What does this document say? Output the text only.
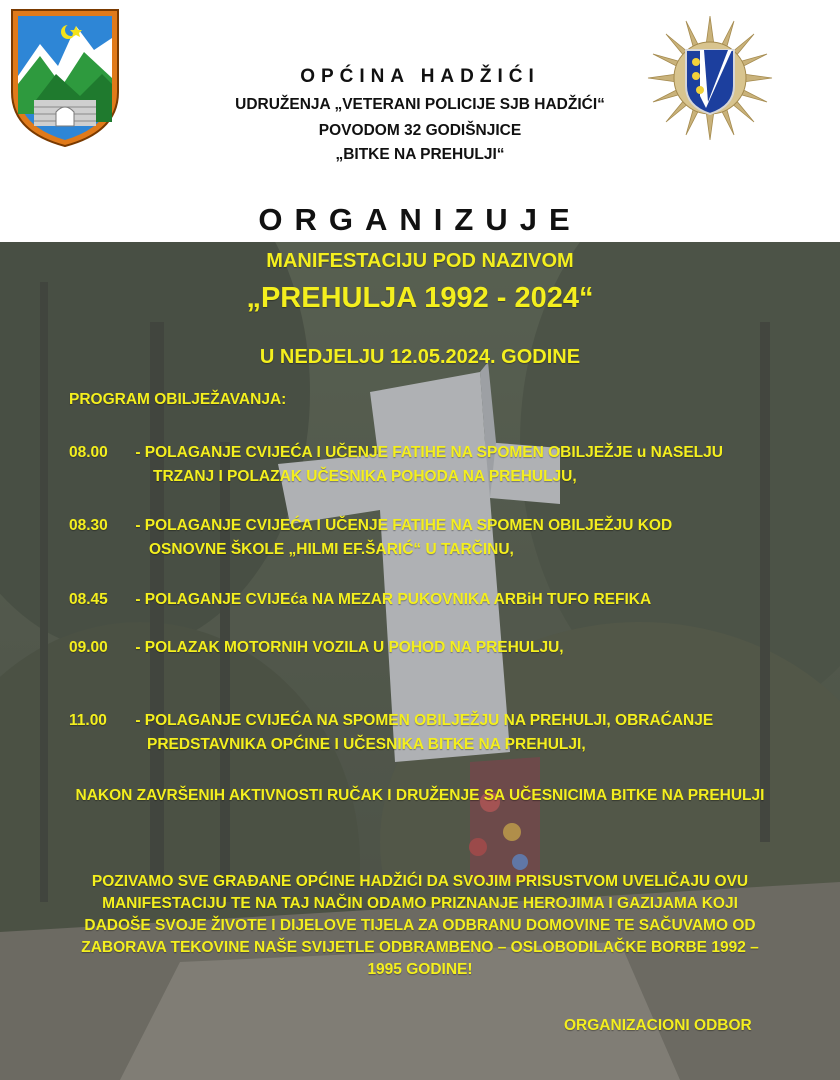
OPĆINA HADŽIĆI
UDRUŽENJA „VETERANI POLICIJE SJB HADŽIĆI“
POVODOM 32 GODIŠNJICE
„BITKE NA PREHULJI“
ORGANIZUJE
MANIFESTACIJU POD NAZIVOM
„PREHULJA 1992 - 2024“
U NEDJELJU 12.05.2024. GODINE
PROGRAM OBILJEŽAVANJA:
08.00 - POLAGANJE CVIJEĆA I UČENJE FATIHE NA SPOMEN OBILJEŽJE u NASELJU
TRZANJ I POLAZAK UČESNIKA POHODA NA PREHULJU,
08.30 - POLAGANJE CVIJEĆA I UČENJE FATIHE NA SPOMEN OBILJEŽJU KOD
OSNOVNE ŠKOLE „HILMI EF.ŠARIĆ“ U TARČINU,
08.45 - POLAGANJE CVIJEća NA MEZAR PUKOVNIKA ARBiH TUFO REFIKA
09.00 - POLAZAK MOTORNIH VOZILA U POHOD NA PREHULJU,
11.00 - POLAGANJE CVIJEĆA NA SPOMEN OBILJEŽJU NA PREHULJI, OBRAĆANJE
PREDSTAVNIKA OPĆINE I UČESNIKA BITKE NA PREHULJI,
NAKON ZAVRŠENIH AKTIVNOSTI RUČAK I DRUŽENJE SA UČESNICIMA BITKE NA PREHULJI
POZIVAMO SVE GRAĐANE OPĆINE HADŽIĆI DA SVOJIM PRISUSTVOM UVELIČAJU OVU MANIFESTACIJU TE NA TAJ NAČIN ODAMO PRIZNANJE HEROJIMA I GAZIJAMA KOJI DADOŠE SVOJE ŽIVOTE I DIJELOVE TIJELA ZA ODBRANU DOMOVINE TE SAČUVAMO OD ZABORAVA TEKOVINE NAŠE SVIJETLE ODBRAMBENO – OSLOBODILAČKE BORBE 1992 – 1995 GODINE!
ORGANIZACIONI ODBOR
